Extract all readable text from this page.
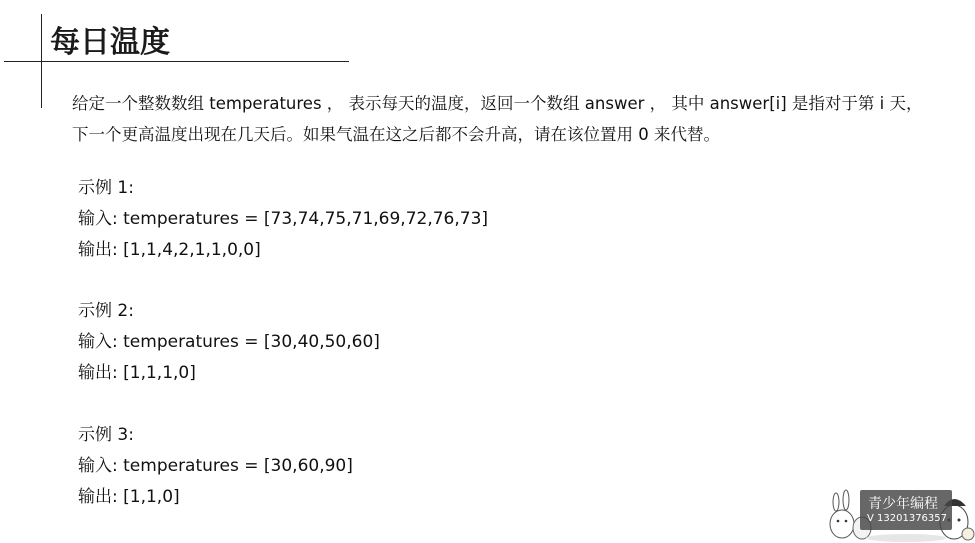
每日温度
给定一个整数数组 temperatures ， 表示每天的温度，返回一个数组 answer ， 其中 answer[i] 是指对于第 i 天，
下一个更高温度出现在几天后。如果气温在这之后都不会升高，请在该位置用 0 来代替。
示例 1:
输入: temperatures = [73,74,75,71,69,72,76,73]
输出: [1,1,4,2,1,1,0,0]
示例 2:
输入: temperatures = [30,40,50,60]
输出: [1,1,1,0]
示例 3:
输入: temperatures = [30,60,90]
输出: [1,1,0]	青少年编程
V 13201376357
